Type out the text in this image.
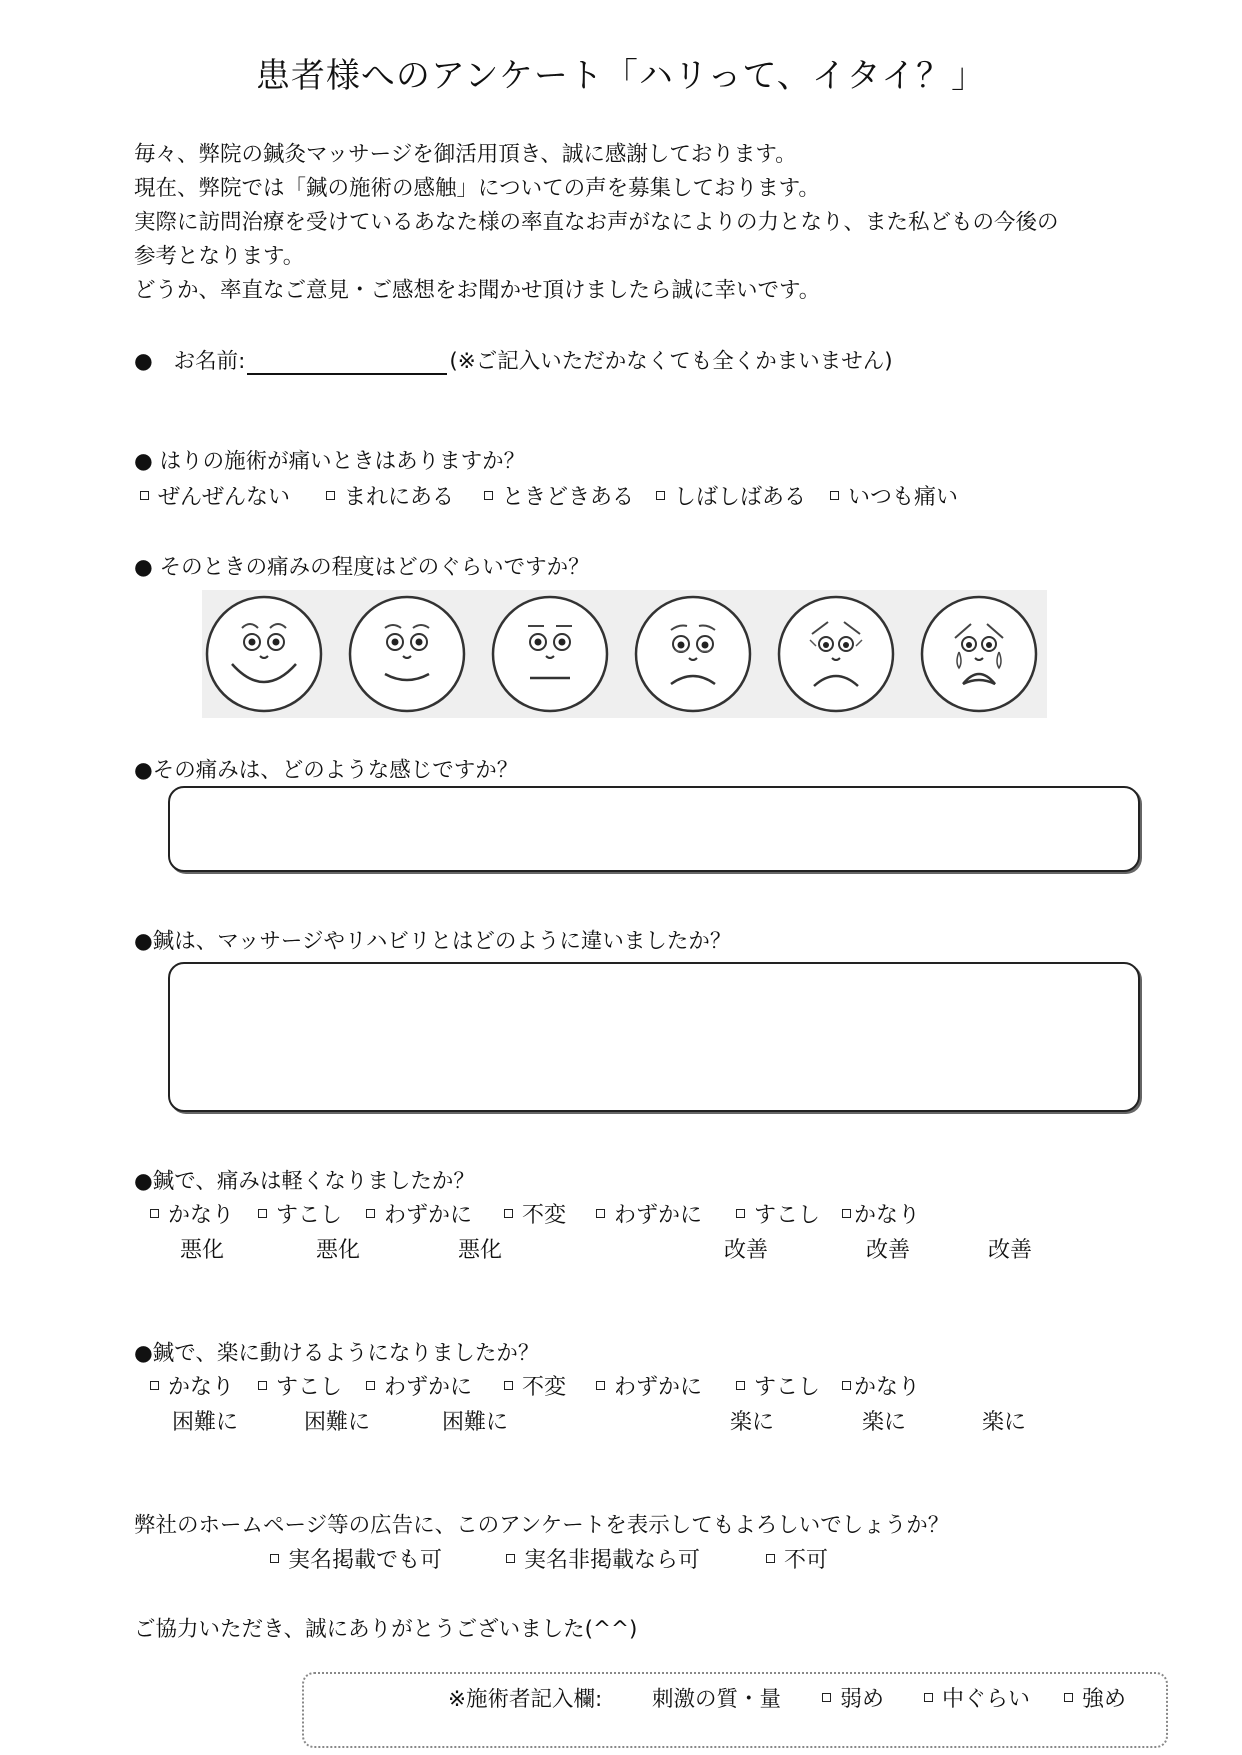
患者様へのアンケート「ハリって、イタイ？」
毎々、弊院の鍼灸マッサージを御活用頂き、誠に感謝しております。
現在、弊院では「鍼の施術の感触」についての声を募集しております。
実際に訪問治療を受けているあなた様の率直なお声がなによりの力となり、また私どもの今後の
参考となります。
どうか、率直なご意見・ご感想をお聞かせ頂けましたら誠に幸いです。
● お名前:	(※ご記入いただかなくても全くかまいません)
● はりの施術が痛いときはありますか？
ぜんぜんない まれにある ときどきある しばしばある いつも痛い
● そのときの痛みの程度はどのぐらいですか？
●その痛みは、どのような感じですか？
●鍼は、マッサージやリハビリとはどのように違いましたか？
●鍼で、痛みは軽くなりましたか？
かなり すこし わずかに 不変 わずかに すこし かなり
悪化	悪化	悪化	改善	改善	改善
●鍼で、楽に動けるようになりましたか？
かなり すこし わずかに 不変 わずかに すこし かなり
困難に	困難に	困難に	楽に	楽に	楽に
弊社のホームページ等の広告に、このアンケートを表示してもよろしいでしょうか？
実名掲載でも可	実名非掲載なら可	不可
ご協力いただき、誠にありがとうございました(^^)
※施術者記入欄: 刺激の質・量	弱め	中ぐらい 強め
